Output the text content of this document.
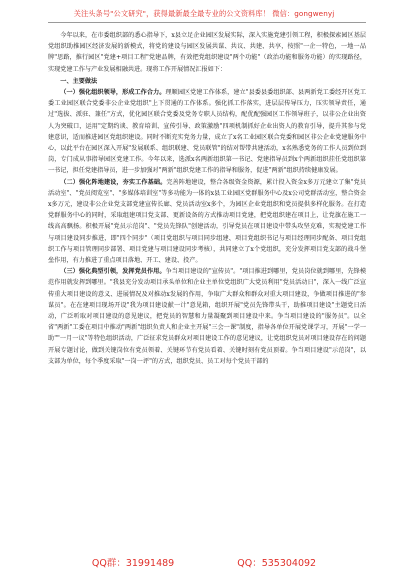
关注头条号"公文研究"，获得最新最全最专业的公文资料库！ 微信：gongwenyj

今年以来，在市委组织部的悉心指导下，x县立足企业园区发展实际，深入实施党建引领工程，积极探索园区基层党组织助推园区经济发展的新模式，将党的建设与园区发展共谋、共议、共建、共享，按照"一企一特色，一地一品牌"思路，推行园区"党建+项目工程"党建品牌，有效把党组织建设"两个功能"（政治功能和服务功能）的实现路径，实现党建工作与产业发展相融共进。现将工作开展情况汇报如下：

一、主要做法

（一）强化组织领导，形成工作合力。理顺园区党建工作体系，建立"县委县委组织部、县两新党工委经开区党工委工业园区联合党委非公企业党组织"上下贯通的工作体系。强化抓工作落实，进层层传导压力，压实领导责任，通过"选拔、派驻、兼任"方式，优化园区联合党委及党务专职人员结构，配优配强园区工作领导班子，以非公企业出资人为突破口，运用"定期约谈、教育培训、宣传引导、政策激励"四项机制抓好企业出资人的教育引导，提升其参与党建意识，适而推进园区党组织建设。同时不断充实党务力量，成立了x名工业园区联合党委和园区非公企业党建服务中心，以此平台在园区深入开展"发展联系、组织联建、党员联管"的结对帮带共建活动，x名熟悉党务的工作人员到位到岗，专门成从事指导园区党建工作。今年以来，选派x名两新组织第一书记、党建指导员到x个两新组织挂任党组织第一书记，担任党建指导员，进一步加强对"两新"组织党建工作的指导和服务，促进"两新"组织持续健康发展。

（二）强化阵地建设，夯实工作基础。完善阵地建设，整合各级资金资源，累计投入资金x多万元建立了集"党员活动室"、"党员阅览室"、"多媒体培训室"等多功能为一体的x县工业园区党群服务中心及x公司党群活动室，整合资金x多万元，建设非公企业党支部党建宣传长廊、党员活动室x多个，为园区企业党组织和党员提供多样化服务。在打造党群服务中心的同时，采取组建项目党支部、更新设备的方式推动项目党建，把党组织建在项目上，让党旗在施工一线高高飘扬。积极开展"党员示范岗"、"党员先锋队"创建活动，引导党员在项目建设中带头攻坚克难，实现党建工作与项目建设同步推进，即"四个同步"（项目党组织与项目同步组建、项目党组织书记与项目经理同步配备、项目党组织工作与项目管理同步部署、项目党建与项目建设同步考核），共同建立了x个党组织，充分发挥项目党支部的战斗堡垒作用，有力推进了重点项目落地、开工、建设、投产。

（三）强化典型引领，发挥党员作用。争当项目建设的"宣传员"。"项目推进到哪里，党员岗位就到哪里，先锋模范作用就发挥到哪里。"我县充分发动项目承头单位和企业主单位党组织广大党员利用"党员活动日"，深入一线广泛宣传重大项目建设的意义、进展情况及对推动x发展的作用，争取广大群众和群众对重大项目建设，争做项目推进的"参谋员"。在在建项目现场开设"我为项目建设献一计"意见箱，组织开展"党员先锋带头干，助推项目建设"主题党日活动，广泛听取对项目建设的意见建议，把党员的智慧和力量凝聚到项目建设中来。争当项目建设的"服务员"。以全省"两新"工委在项目中推动"两新"组织负责人和企业主开展"三会一课"制度，指导各单位开展党课学习，开展"一学一助""一月一议"等特色组织活动，广泛征求党员群众对项目建设工作的意见建议，让党组织党员对项目建设存在的问题开展专题讨论，做到关键岗位有党员领着、关键环节有党员看着、关键时刻有党员顶着。争当项目建设"示范岗"，以支部为单位，每个季度采取"一岗一评"的方式，组织党员、员工对每个党员干部的

QQ群：31991489	QQ：535304092
